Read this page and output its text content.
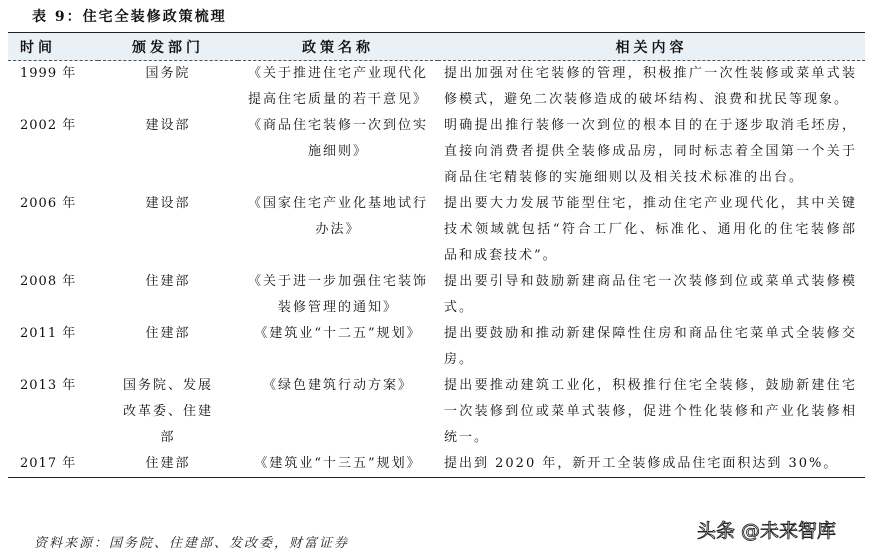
表 9：住宅全装修政策梳理
时间	颁发部门	政策名称	相关内容
1999 年	国务院	《关于推进住宅产业现代化提高住宅质量的若干意见》	提出加强对住宅装修的管理，积极推广一次性装修或菜单式装修模式，避免二次装修造成的破坏结构、浪费和扰民等现象。
2002 年	建设部	《商品住宅装修一次到位实施细则》	明确提出推行装修一次到位的根本目的在于逐步取消毛坯房，直接向消费者提供全装修成品房，同时标志着全国第一个关于商品住宅精装修的实施细则以及相关技术标准的出台。
2006 年	建设部	《国家住宅产业化基地试行办法》	提出要大力发展节能型住宅，推动住宅产业现代化，其中关键技术领域就包括“符合工厂化、标准化、通用化的住宅装修部品和成套技术”。
2008 年	住建部	《关于进一步加强住宅装饰装修管理的通知》	提出要引导和鼓励新建商品住宅一次装修到位或菜单式装修模式。
2011 年	住建部	《建筑业“十二五”规划》	提出要鼓励和推动新建保障性住房和商品住宅菜单式全装修交房。
2013 年	国务院、发展改革委、住建部	《绿色建筑行动方案》	提出要推动建筑工业化，积极推行住宅全装修，鼓励新建住宅一次装修到位或菜单式装修，促进个性化装修和产业化装修相统一。
2017 年	住建部	《建筑业“十三五”规划》	提出到 2020 年，新开工全装修成品住宅面积达到 30%。
资料来源：国务院、住建部、发改委，财富证券
头条 @未来智库
